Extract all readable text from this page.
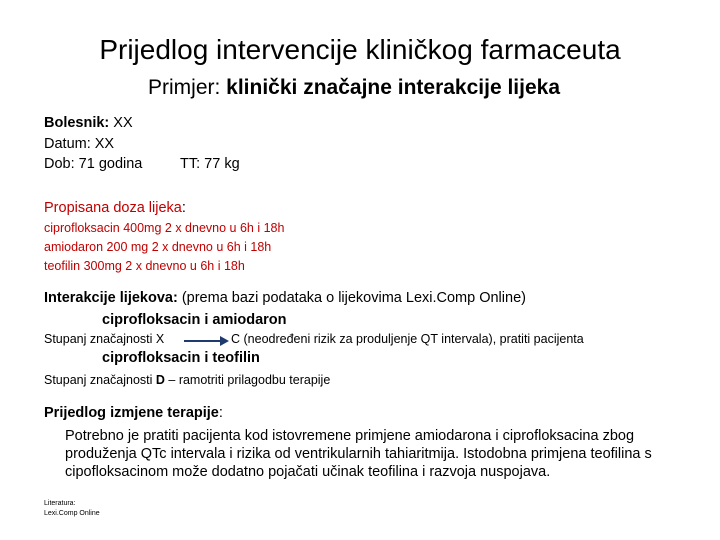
Prijedlog intervencije kliničkog farmaceuta
Primjer: klinički značajne interakcije lijeka
Bolesnik: XX
Datum: XX
Dob: 71 godina	TT: 77 kg
Propisana doza lijeka:
ciprofloksacin 400mg 2 x dnevno u 6h i 18h
amiodaron 200 mg 2 x dnevno u 6h i 18h
teofilin 300mg 2 x dnevno u 6h i 18h
Interakcije lijekova: (prema bazi podataka o lijekovima Lexi.Comp Online)
ciprofloksacin i amiodaron
Stupanj značajnosti X	C (neodređeni rizik za produljenje QT intervala), pratiti pacijenta
ciprofloksacin i teofilin
Stupanj značajnosti D – ramotriti prilagodbu terapije
Prijedlog izmjene terapije:
Potrebno je pratiti pacijenta kod istovremene primjene amiodarona i ciprofloksacina zbog produženja QTc intervala i rizika od ventrikularnih tahiaritmija. Istodobna primjena teofilina s cipofloksacinom može dodatno pojačati učinak teofilina i razvoja nuspojava.
Literatura:
Lexi.Comp Online
